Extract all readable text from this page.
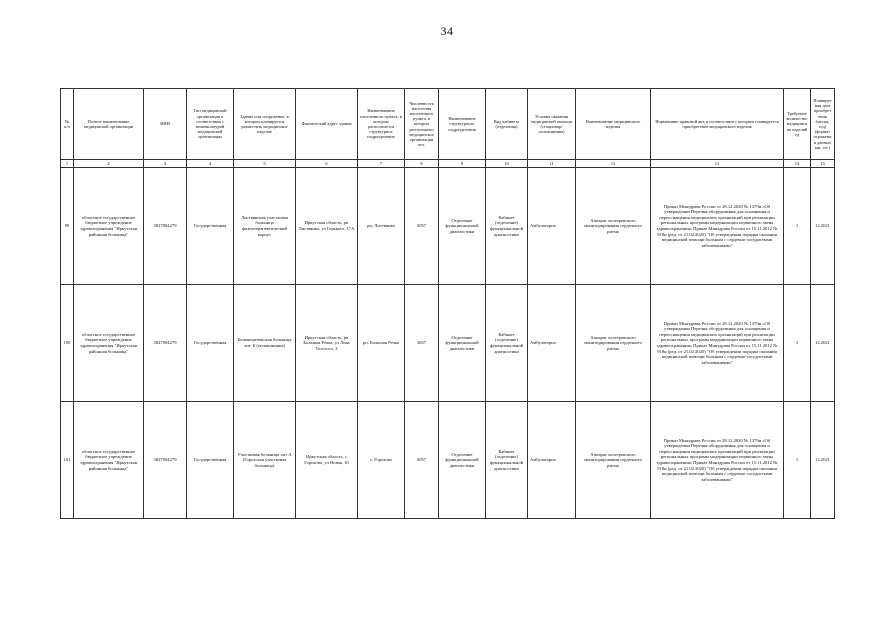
34
№ п/п	Полное наименование медицинской организации	ИНН	Тип медицинской организации в соответствии с номенклатурой медицинской организации	Здание или сооружение, в котором планируется разместить медицинское изделие	Фактический адрес здания	Наименование населенного пункта, в котором располагается структурное подразделение	Численность населения населенного пункта, в котором расположено медицинское организации чел.	Наименование структурного подразделения	Вид кабинета (отделения)	Условия оказания медицинской помощи (стационар/поликлиника)	Наименование медицинского изделия	Нормативно-правовой акт, в соответствии с которым планируется приобретение медицинского изделия	Требуемое количество медицинских изделий ед	Планируемая дата приобретения (месяц, год) (формат отражения данных мм. ггг.)
1	2	3	4	5	6	7	8	9	10	11	12	13	14	15
99	областное государственное бюджетное учреждение здравоохранения "Иркутская районная больница"	3827004279	Государственная	Листвянская участковая больница физиотерапевтический корпус	Иркутская область, рп Листвянка, ул Горького, 17А	рп. Листвянка	3057	Отделение функциональной диагностики	Кабинет (отделение) функциональной диагностики	Амбулаторно	Аппарат холтеровского мониторирования сердечного ритма	Приказ Минздрава России от 28.12.2020 № 1379н «Об утверждении Перечня оборудования для оснащения и переоснащения медицинских организаций при реализации региональных программ модернизации первичного звена здравоохранения» Приказ Минздрава России от 15.11.2012 № 918н (ред. от 21.02.2020) "Об утверждении порядка оказания медицинской помощи больным с сердечно-сосудистыми заболеваниями"	1	12.2021
100	областное государственное бюджетное учреждение здравоохранения "Иркутская районная больница"	3827004279	Государственная	Большереченская больница лит. Б (поликлиника)	Иркутская область, рп Большая Речка, ул Льва Толстого, 3	рп. Большая Речка	3657	Отделение функциональной диагностики	Кабинет (отделение) функциональной диагностики	Амбулаторно	Аппарат холтеровского мониторирования сердечного ритма	Приказ Минздрава России от 28.12.2020 № 1379н «Об утверждении Перечня оборудования для оснащения и переоснащения медицинских организаций при реализации региональных программ модернизации первичного звена здравоохранения» Приказ Минздрава России от 15.11.2012 № 918н (ред. от 21.02.2020) "Об утверждении порядка оказания медицинской помощи больным с сердечно-сосудистыми заболеваниями"	1	12.2021
101	областное государственное бюджетное учреждение здравоохранения "Иркутская районная больница"	3827004279	Государственная	Участковая больница лит А (Горохская участковая больница)	Иркутская область, с Горохово, ул Новая, 10	с. Горохово	3057	Отделение функциональной диагностики	Кабинет (отделение) функциональной диагностики	Амбулаторно	Аппарат холтеровского мониторирования сердечного ритма	Приказ Минздрава России от 28.12.2020 № 1379н «Об утверждении Перечня оборудования для оснащения и переоснащения медицинских организаций при реализации региональных программ модернизации первичного звена здравоохранения» Приказ Минздрава России от 15.11.2012 № 918н (ред. от 21.02.2020) "Об утверждении порядка оказания медицинской помощи больным с сердечно-сосудистыми заболеваниями"	1	12.2021
